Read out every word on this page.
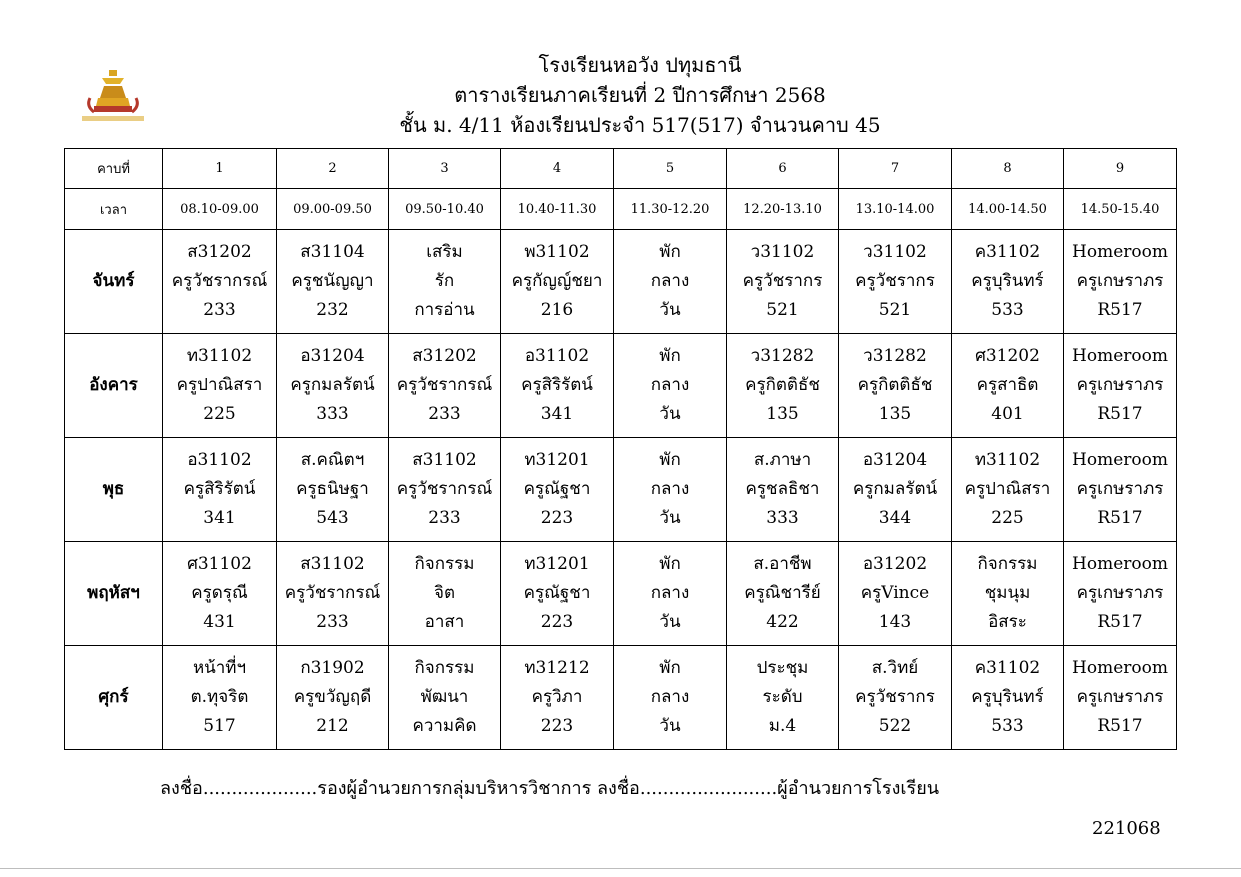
โรงเรียนหอวัง ปทุมธานี
ตารางเรียนภาคเรียนที่ 2 ปีการศึกษา 2568
ชั้น ม. 4/11 ห้องเรียนประจำ 517(517) จำนวนคาบ 45
คาบที่	1	2	3	4	5	6	7	8	9
เวลา	08.10-09.00	09.00-09.50	09.50-10.40	10.40-11.30	11.30-12.20	12.20-13.10	13.10-14.00	14.00-14.50	14.50-15.40
จันทร์	ส31202
ครูวัชรากรณ์
233	ส31104
ครูชนัญญา
232	เสริม
รัก
การอ่าน	พ31102
ครูกัญญ์ชยา
216	พัก
กลาง
วัน	ว31102
ครูวัชรากร
521	ว31102
ครูวัชรากร
521	ค31102
ครูบุรินทร์
533	Homeroom
ครูเกษราภร
R517

อังคาร	ท31102
ครูปาณิสรา
225	อ31204
ครูกมลรัตน์
333	ส31202
ครูวัชรากรณ์
233	อ31102
ครูสิริรัตน์
341	พัก
กลาง
วัน	ว31282
ครูกิตติธัช
135	ว31282
ครูกิตติธัช
135	ศ31202
ครูสาธิต
401	Homeroom
ครูเกษราภร
R517

พุธ	อ31102
ครูสิริรัตน์
341	ส.คณิตฯ
ครูธนิษฐา
543	ส31102
ครูวัชรากรณ์
233	ท31201
ครูณัฐชา
223	พัก
กลาง
วัน	ส.ภาษา
ครูชลธิชา
333	อ31204
ครูกมลรัตน์
344	ท31102
ครูปาณิสรา
225	Homeroom
ครูเกษราภร
R517

พฤหัสฯ	ศ31102
ครูดรุณี
431	ส31102
ครูวัชรากรณ์
233	กิจกรรม
จิต
อาสา	ท31201
ครูณัฐชา
223	พัก
กลาง
วัน	ส.อาชีพ
ครูณิชารีย์
422	อ31202
ครูVince
143	กิจกรรม
ชุมนุม
อิสระ	Homeroom
ครูเกษราภร
R517

ศุกร์	หน้าที่ฯ
ต.ทุจริต
517	ก31902
ครูขวัญฤดี
212	กิจกรรม
พัฒนา
ความคิด	ท31212
ครูวิภา
223	พัก
กลาง
วัน	ประชุม
ระดับ
ม.4	ส.วิทย์
ครูวัชรากร
522	ค31102
ครูบุรินทร์
533	Homeroom
ครูเกษราภร
R517
ลงชื่อ....................รองผู้อำนวยการกลุ่มบริหารวิชาการ ลงชื่อ........................ผู้อำนวยการโรงเรียน
221068
